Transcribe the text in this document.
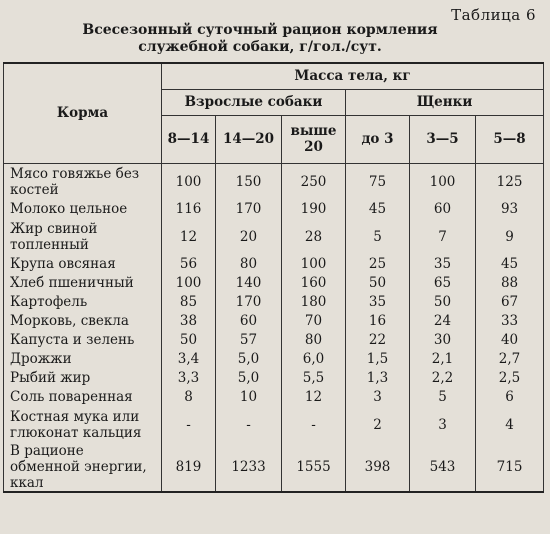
Таблица 6
Всесезонный суточный рацион кормления
служебной собаки, г/гол./сут.
Корма	Масса тела, кг					
	Взрослые собаки			Щенки		
	8—14	14—20	выше 20	до 3	3—5	5—8
Мясо говяжье без костей	100	150	250	75	100	125
Молоко цельное	116	170	190	45	60	93
Жир свиной топленный	12	20	28	5	7	9
Крупа овсяная	56	80	100	25	35	45
Хлеб пшеничный	100	140	160	50	65	88
Картофель	85	170	180	35	50	67
Морковь, свекла	38	60	70	16	24	33
Капуста и зелень	50	57	80	22	30	40
Дрожжи	3,4	5,0	6,0	1,5	2,1	2,7
Рыбий жир	3,3	5,0	5,5	1,3	2,2	2,5
Соль поваренная	8	10	12	3	5	6
Костная мука или глюконат кальция	-	-	-	2	3	4
В рационе обменной энергии, ккал	819	1233	1555	398	543	715
